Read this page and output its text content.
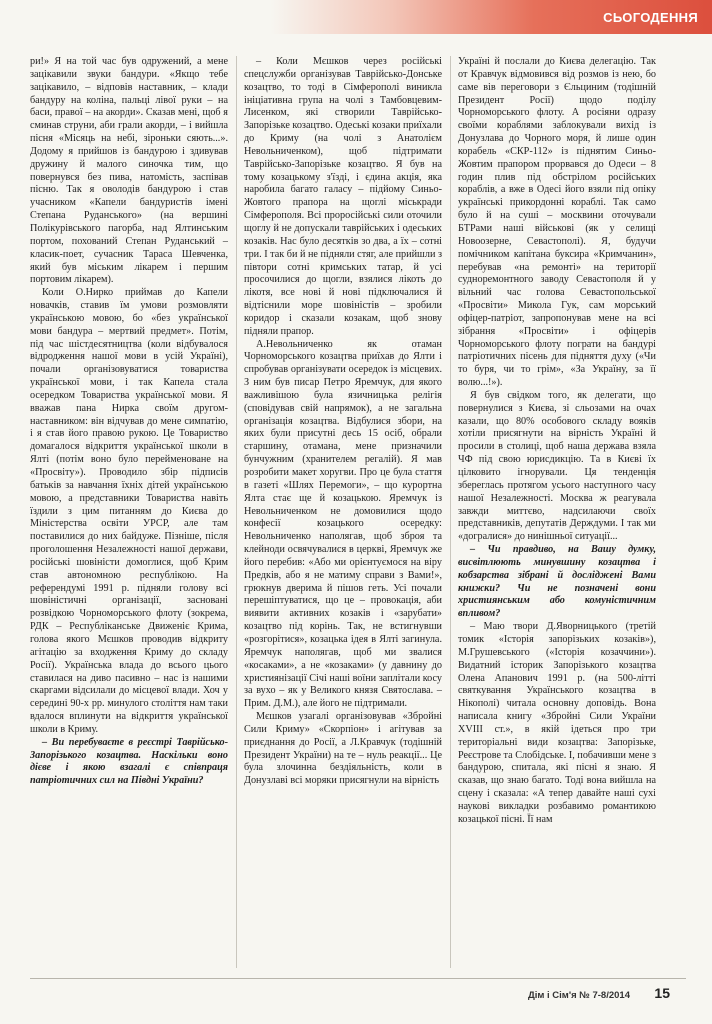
СЬОГОДЕННЯ

ри!» Я на той час був одружений, а мене зацікавили звуки бандури. «Якщо тебе зацікавило, – відповів наставник, – клади бандуру на коліна, пальці лівої руки – на баси, правої – на акорди». Сказав мені, щоб я сминав струни, аби грали акорди, – і вийшла пісня «Місяць на небі, зіроньки сяють...». Додому я прийшов із бандурою і здивував дружину й малого синочка тим, що повернувся без пива, натомість, заспівав пісню. Так я оволодів бандурою і став учасником «Капели бандуристів імені Степана Руданського» (на вершині Полікурівського пагорба, над Ялтинським портом, похований Степан Руданський – класик-поет, сучасник Тараса Шевченка, який був міським лікарем і першим портовим лікарем).

Коли О.Нирко приймав до Капели новачків, ставив їм умови розмовляти українською мовою, бо «без української мови бандура – мертвий предмет». Потім, під час шістдесятництва (коли відбувалося відродження нашої мови в усій Україні), почали організовуватися товариства української мови, і так Капела стала осередком Товариства української мови. Я вважав пана Нирка своїм другом-наставником: він відчував до мене симпатію, і я став його правою рукою. Це Товариство домагалося відкриття української школи в Ялті (потім воно було перейменоване на «Просвіту»). Проводило збір підписів батьків за навчання їхніх дітей українською мовою, а представники Товариства навіть їздили з цим питанням до Києва до Міністерства освіти УРСР, але там поставилися до них байдуже. Пізніше, після проголошення Незалежності нашої держави, російські шовіністи домоглися, щоб Крим став автономною республікою. На референдумі 1991 р. підняли голову всі шовіністичні організації, засновані розвідкою Чорноморського флоту (зокрема, РДК – Республіканське Движеніє Крима, голова якого Мєшков проводив відкриту агітацію за входження Криму до складу Росії). Українська влада до всього цього ставилася на диво пасивно – нас із нашими скаргами відсилали до місцевої влади. Хоч у середині 90-х рр. минулого століття нам таки вдалося вплинути на відкриття української школи в Криму.

– Ви перебуваєте в реєстрі Таврійсько-Запорізького козацтва. Наскільки воно дієве і якою взагалі є співпраця патріотичних сил на Півдні України?

– Коли Мєшков через російські спецслужби організував Таврійсько-Донське козацтво, то тоді в Сімферополі виникла ініціативна група на чолі з Тамбовцевим-Лисенком, які створили Таврійсько-Запорізьке козацтво. Одеські козаки приїхали до Криму (на чолі з Анатолієм Невольниченком), щоб підтримати Таврійсько-Запорізьке козацтво. Я був на тому козацькому з'їзді, і єдина акція, яка наробила багато галасу – підйому Синьо-Жовтого прапора на щоглі міськради Сімферополя. Всі проросійські сили оточили щоглу й не допускали таврійських і одеських козаків. Нас було десятків зо два, а їх – сотні три. І так би й не підняли стяг, але прийшли з півтори сотні кримських татар, й усі просочилися до щогли, взялися лікоть до лікотя, все нові й нові підключалися й відтіснили море шовіністів – зробили коридор і сказали козакам, щоб знову підняли прапор.

А.Невольниченко як отаман Чорноморського козацтва приїхав до Ялти і спробував організувати осередок із місцевих. З ним був писар Петро Яремчук, для якого важливішою була язичницька релігія (сповідував свій напрямок), а не загальна організація козацтва. Відбулися збори, на яких були присутні десь 15 осіб, обрали старшину, отамана, мене призначили бунчужним (хранителем регалій). Я мав розробити макет хоругви. Про це була стаття в газеті «Шлях Перемоги», – що курортна Ялта стає ще й козацькою. Яремчук із Невольниченком не домовилися щодо конфесії козацького осередку: Невольниченко наполягав, щоб зброя та клейноди освячувалися в церкві, Яремчук же його перебив: «Або ми орієнтуємося на віру Предків, або я не матиму справи з Вами!», грюкнув дверима й пішов геть. Усі почали перешіптуватися, що це – провокація, аби виявити активних козаків і «зарубати» козацтво під корінь. Так, не встигнувши «розгорітися», козацька ідея в Ялті загинула. Яремчук наполягав, щоб ми звалися «косаками», а не «козаками» (у давнину до християнізації Січі наші воїни заплітали косу за вухо – як у Великого князя Святослава. – Прим. Д.М.), але його не підтримали.

Мєшков узагалі організовував «Збройні Сили Криму» «Скорпіон» і агітував за приєднання до Росії, а Л.Кравчук (тодішній Президент України) на те – нуль реакції... Це була злочинна бездіяльність, коли в Донузлаві всі моряки присягнули на вірність

Україні й послали до Києва делегацію. Так от Кравчук відмовився від розмов із нею, бо саме вів переговори з Єльциним (тодішній Президент Росії) щодо поділу Чорноморського флоту. А росіяни одразу своїми кораблями заблокували вихід із Донузлава до Чорного моря, й лише один корабель «СКР-112» із піднятим Синьо-Жовтим прапором прорвався до Одеси – 8 годин плив під обстрілом російських кораблів, а вже в Одесі його взяли під опіку українські прикордонні кораблі. Так само було й на суші – москвини оточували БТРами наші військові (як у селищі Новоозерне, Севастополі). Я, будучи помічником капітана буксира «Кримчанин», перебував «на ремонті» на території судноремонтного заводу Севастополя й у вільний час голова Севастопольської «Просвіти» Микола Гук, сам морський офіцер-патріот, запропонував мене на всі зібрання «Просвіти» і офіцерів Чорноморського флоту пограти на бандурі патріотичних пісень для підняття духу («Чи то буря, чи то грім», «За Україну, за її волю...!»).

Я був свідком того, як делегати, що повернулися з Києва, зі сльозами на очах казали, що 80% особового складу вояків хотіли присягнути на вірність Україні й просили в столиці, щоб наша держава взяла ЧФ під свою юрисдикцію. Та в Києві їх цілковито ігнорували. Ця тенденція збереглась протягом усього наступного часу нашої Незалежності. Москва ж реагувала завжди миттєво, надсилаючи своїх представників, депутатів Держдуми. І так ми «догралися» до нинішньої ситуації...

– Чи правдиво, на Вашу думку, висвітлюють минувшину козацтва і кобзарства зібрані й досліджені Вами книжки? Чи не позначені вони християнським або комуністичним впливом?

– Маю твори Д.Яворницького (третій томик «Історія запорізьких козаків»), М.Грушевського («Історія козаччини»). Видатний історик Запорізького козацтва Олена Апанович 1991 р. (на 500-літті святкування Українського козацтва в Нікополі) читала основну доповідь. Вона написала книгу «Збройні Сили України XVIII ст.», в якій ідеться про три територіальні види козацтва: Запорізьке, Реєстрове та Слобідське. І, побачивши мене з бандурою, спитала, які пісні я знаю. Я сказав, що знаю багато. Тоді вона вийшла на сцену і сказала: «А тепер давайте наші сухі наукові викладки розбавимо романтикою козацької пісні. Її нам

Дім і Сім'я № 7-8/2014 15
